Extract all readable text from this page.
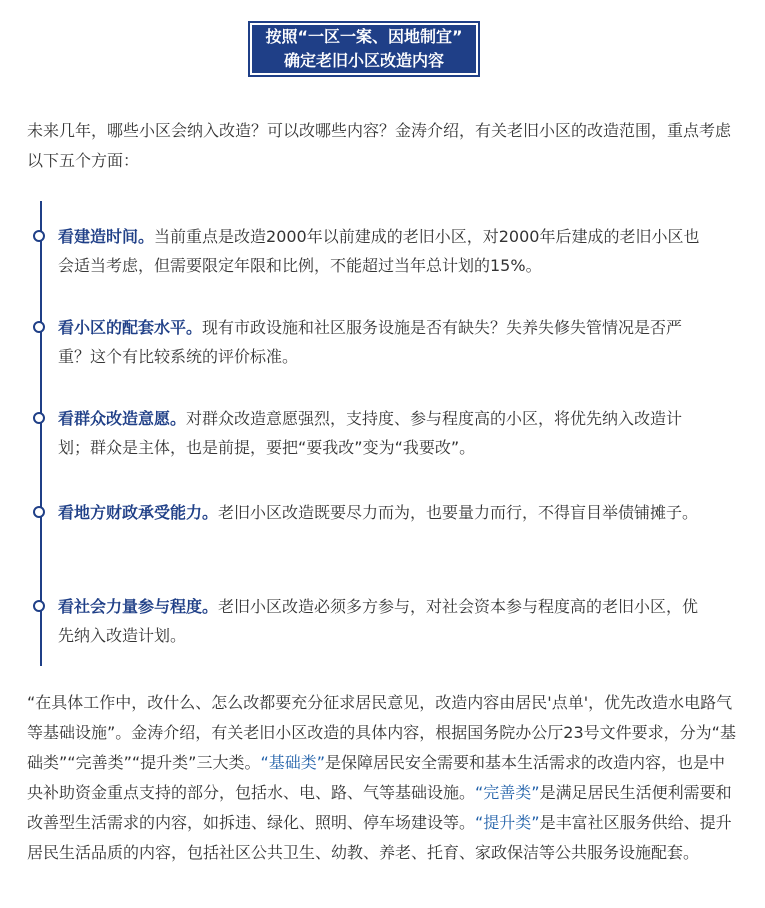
按照“一区一案、因地制宜”
确定老旧小区改造内容

未来几年，哪些小区会纳入改造？可以改哪些内容？金涛介绍，有关老旧小区的改造范围，重点考虑以下五个方面：

看建造时间。当前重点是改造2000年以前建成的老旧小区，对2000年后建成的老旧小区也会适当考虑，但需要限定年限和比例，不能超过当年总计划的15%。

看小区的配套水平。现有市政设施和社区服务设施是否有缺失？失养失修失管情况是否严重？这个有比较系统的评价标准。

看群众改造意愿。对群众改造意愿强烈，支持度、参与程度高的小区，将优先纳入改造计划；群众是主体，也是前提，要把“要我改”变为“我要改”。

看地方财政承受能力。老旧小区改造既要尽力而为，也要量力而行，不得盲目举债铺摊子。

看社会力量参与程度。老旧小区改造必须多方参与，对社会资本参与程度高的老旧小区，优先纳入改造计划。

“在具体工作中，改什么、怎么改都要充分征求居民意见，改造内容由居民'点单'，优先改造水电路气等基础设施”。金涛介绍，有关老旧小区改造的具体内容，根据国务院办公厅23号文件要求，分为“基础类”“完善类”“提升类”三大类。“基础类”是保障居民安全需要和基本生活需求的改造内容，也是中央补助资金重点支持的部分，包括水、电、路、气等基础设施。“完善类”是满足居民生活便利需要和改善型生活需求的内容，如拆违、绿化、照明、停车场建设等。“提升类”是丰富社区服务供给、提升居民生活品质的内容，包括社区公共卫生、幼教、养老、托育、家政保洁等公共服务设施配套。
